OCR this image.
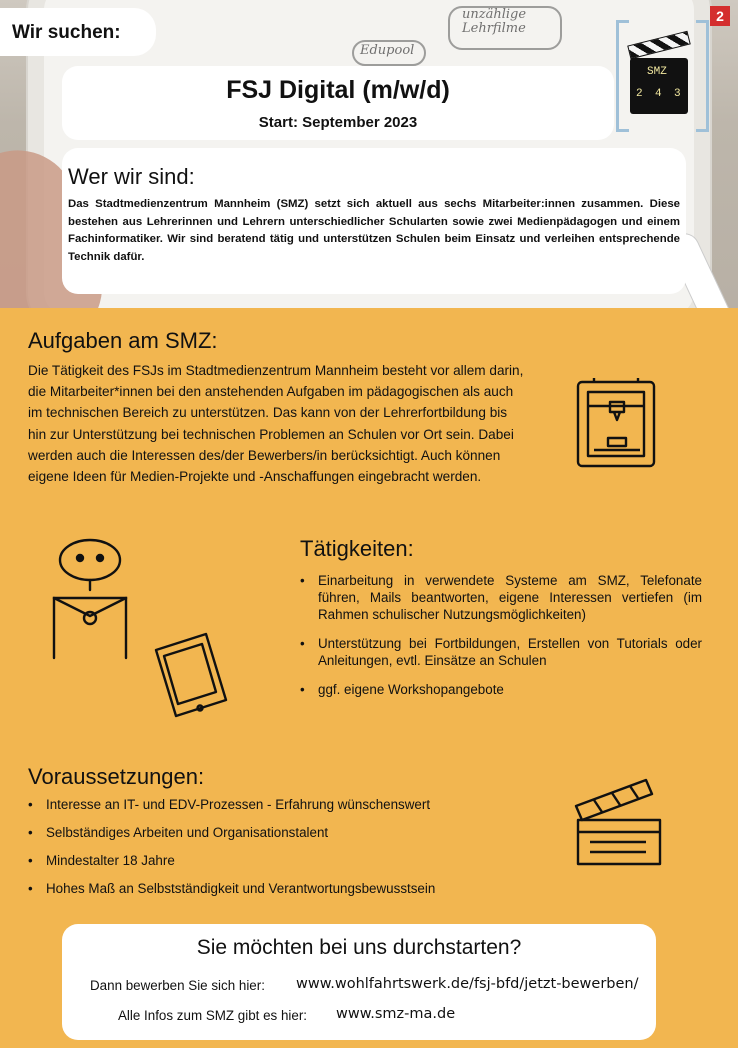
unzählige Lehrfilme
Edupool
Wir suchen:
2
SMZ
2 4 3
FSJ Digital (m/w/d)
Start: September 2023
Wer wir sind:

Das Stadtmedienzentrum Mannheim (SMZ) setzt sich aktuell aus sechs Mitarbeiter:innen zusammen. Diese bestehen aus Lehrerinnen und Lehrern unterschiedlicher Schularten sowie zwei Medienpädagogen und einem Fachinformatiker. Wir sind beratend tätig und unterstützen Schulen beim Einsatz und verleihen entsprechende Technik dafür.

Aufgaben am SMZ:

Die Tätigkeit des FSJs im Stadtmedienzentrum Mannheim besteht vor allem darin, die Mitarbeiter*innen bei den anstehenden Aufgaben im pädagogischen als auch im technischen Bereich zu unterstützen. Das kann von der Lehrerfortbildung bis hin zur Unterstützung bei technischen Problemen an Schulen vor Ort sein. Dabei werden auch die Interessen des/der Bewerbers/in berücksichtigt. Auch können eigene Ideen für Medien-Projekte und -Anschaffungen eingebracht werden.

Tätigkeiten:
• Einarbeitung in verwendete Systeme am SMZ, Telefonate führen, Mails beantworten, eigene Interessen vertiefen (im Rahmen schulischer Nutzungsmöglichkeiten)
• Unterstützung bei Fortbildungen, Erstellen von Tutorials oder Anleitungen, evtl. Einsätze an Schulen
• ggf. eigene Workshopangebote
Voraussetzungen:
• Interesse an IT- und EDV-Prozessen - Erfahrung wünschenswert
• Selbständiges Arbeiten und Organisationstalent
• Mindestalter 18 Jahre
• Hohes Maß an Selbstständigkeit und Verantwortungsbewusstsein
Sie möchten bei uns durchstarten?
Dann bewerben Sie sich hier: www.wohlfahrtswerk.de/fsj-bfd/jetzt-bewerben/
Alle Infos zum SMZ gibt es hier: www.smz-ma.de
